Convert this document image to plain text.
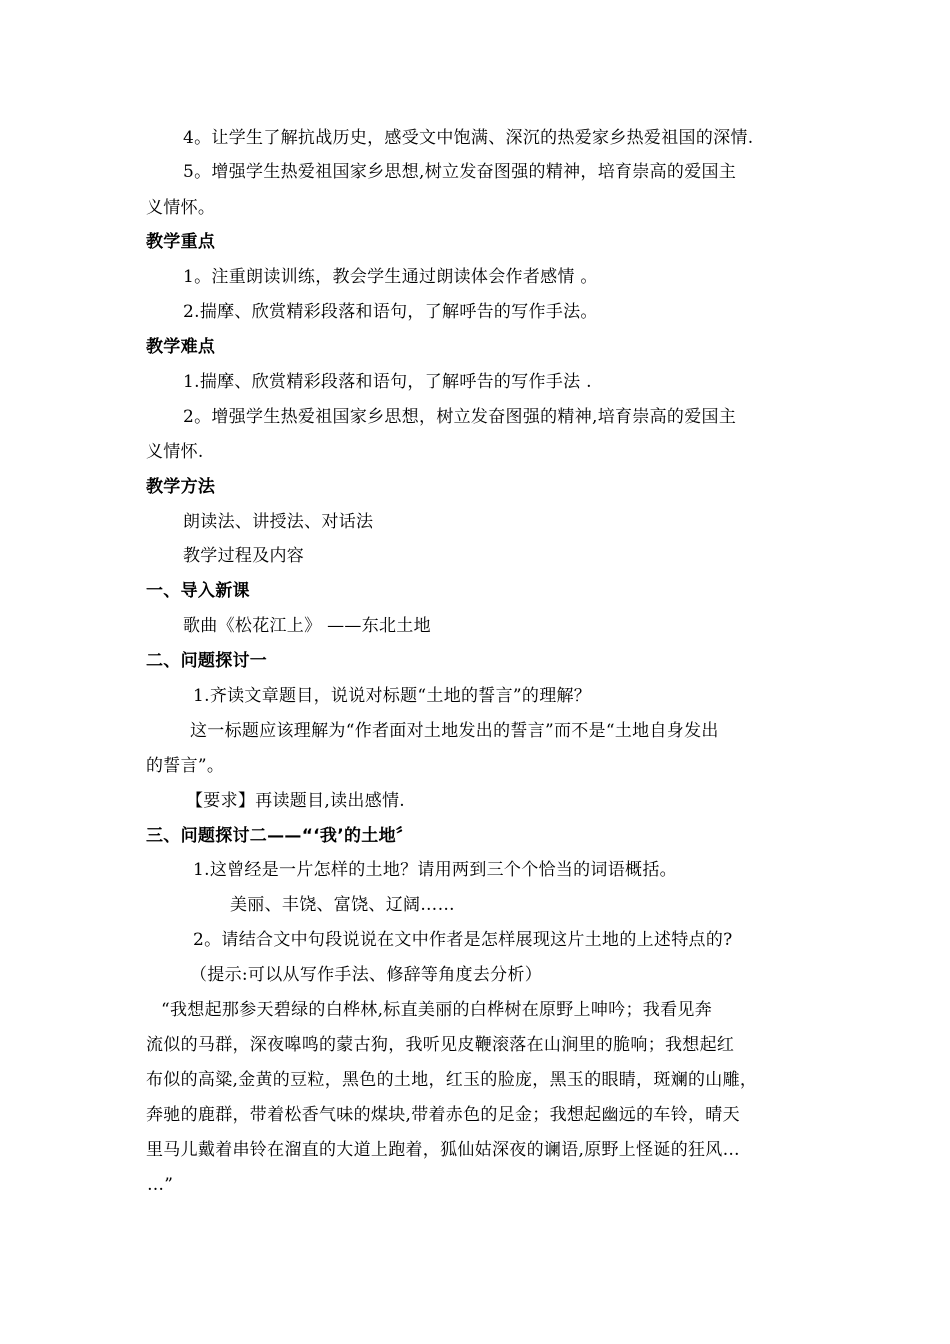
4。让学生了解抗战历史，感受文中饱满、深沉的热爱家乡热爱祖国的深情.
5。增强学生热爱祖国家乡思想,树立发奋图强的精神，培育崇高的爱国主
义情怀。
教学重点
1。注重朗读训练，教会学生通过朗读体会作者感情 。
2.揣摩、欣赏精彩段落和语句，了解呼告的写作手法。
教学难点
1.揣摩、欣赏精彩段落和语句，了解呼告的写作手法 .
2。增强学生热爱祖国家乡思想，树立发奋图强的精神,培育崇高的爱国主
义情怀.
教学方法
朗读法、讲授法、对话法
教学过程及内容
一、导入新课
歌曲《松花江上》 ——东北土地
二、问题探讨一
1.齐读文章题目，说说对标题“土地的誓言”的理解？
这一标题应该理解为“作者面对土地发出的誓言”而不是“土地自身发出
的誓言”。
【要求】再读题目,读出感情.
三、问题探讨二——“‘我’的土地〞
1.这曾经是一片怎样的土地？请用两到三个个恰当的词语概括。
美丽、丰饶、富饶、辽阔……
2。请结合文中句段说说在文中作者是怎样展现这片土地的上述特点的?
（提示:可以从写作手法、修辞等角度去分析）
“我想起那参天碧绿的白桦林,标直美丽的白桦树在原野上呻吟；我看见奔
流似的马群，深夜嗥鸣的蒙古狗，我听见皮鞭滚落在山涧里的脆响；我想起红
布似的高粱,金黄的豆粒，黑色的土地，红玉的脸庞，黑玉的眼睛，斑斓的山雕，
奔驰的鹿群，带着松香气味的煤块,带着赤色的足金；我想起幽远的车铃，晴天
里马儿戴着串铃在溜直的大道上跑着，狐仙姑深夜的谰语,原野上怪诞的狂风…
…”
